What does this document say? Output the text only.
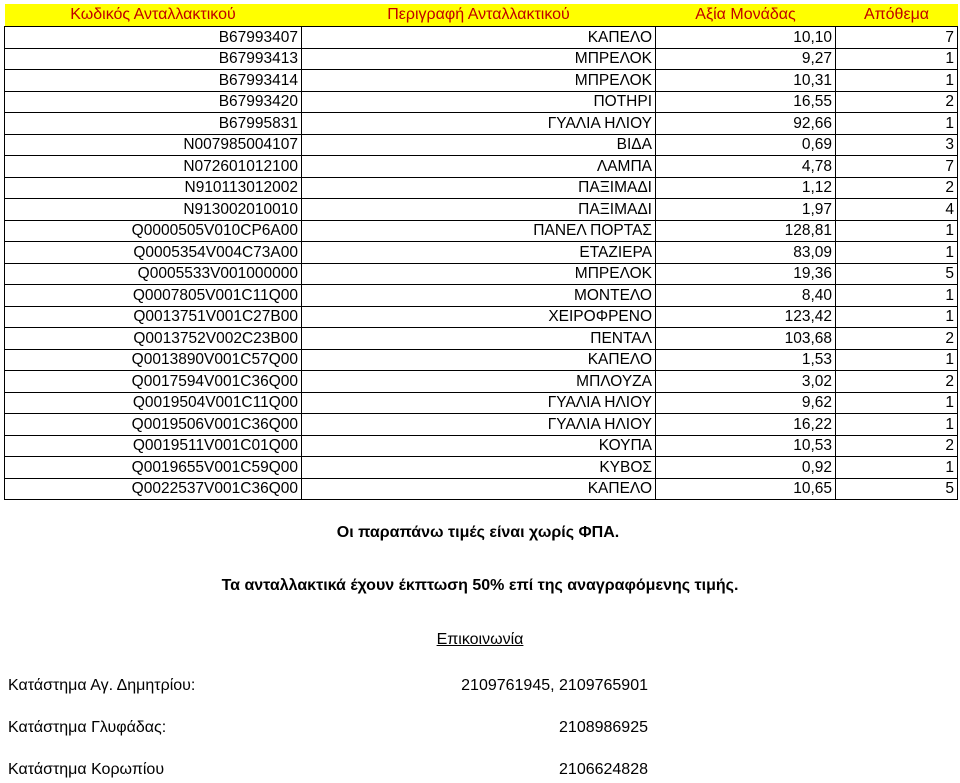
Κωδικός Ανταλλακτικού	Περιγραφή Ανταλλακτικού	Αξία Μονάδας	Απόθεμα
B67993407	ΚΑΠΕΛΟ	10,10	7
B67993413	ΜΠΡΕΛΟΚ	9,27	1
B67993414	ΜΠΡΕΛΟΚ	10,31	1
B67993420	ΠΟΤΗΡΙ	16,55	2
B67995831	ΓΥΑΛΙΑ ΗΛΙΟΥ	92,66	1
N007985004107	ΒΙΔΑ	0,69	3
N072601012100	ΛΑΜΠΑ	4,78	7
N910113012002	ΠΑΞΙΜΑΔΙ	1,12	2
N913002010010	ΠΑΞΙΜΑΔΙ	1,97	4
Q0000505V010CP6A00	ΠΑΝΕΛ ΠΟΡΤΑΣ	128,81	1
Q0005354V004C73A00	ΕΤΑΖΙΕΡΑ	83,09	1
Q0005533V001000000	ΜΠΡΕΛΟΚ	19,36	5
Q0007805V001C11Q00	ΜΟΝΤΕΛΟ	8,40	1
Q0013751V001C27B00	ΧΕΙΡΟΦΡΕΝΟ	123,42	1
Q0013752V002C23B00	ΠΕΝΤΑΛ	103,68	2
Q0013890V001C57Q00	ΚΑΠΕΛΟ	1,53	1
Q0017594V001C36Q00	ΜΠΛΟΥΖΑ	3,02	2
Q0019504V001C11Q00	ΓΥΑΛΙΑ ΗΛΙΟΥ	9,62	1
Q0019506V001C36Q00	ΓΥΑΛΙΑ ΗΛΙΟΥ	16,22	1
Q0019511V001C01Q00	ΚΟΥΠΑ	10,53	2
Q0019655V001C59Q00	ΚΥΒΟΣ	0,92	1
Q0022537V001C36Q00	ΚΑΠΕΛΟ	10,65	5
Οι παραπάνω τιμές είναι χωρίς ΦΠΑ.
Τα ανταλλακτικά έχουν έκπτωση 50% επί της αναγραφόμενης τιμής.
Επικοινωνία
Κατάστημα Αγ. Δημητρίου:	2109761945, 2109765901
Κατάστημα Γλυφάδας:	2108986925
Κατάστημα Κορωπίου	2106624828
